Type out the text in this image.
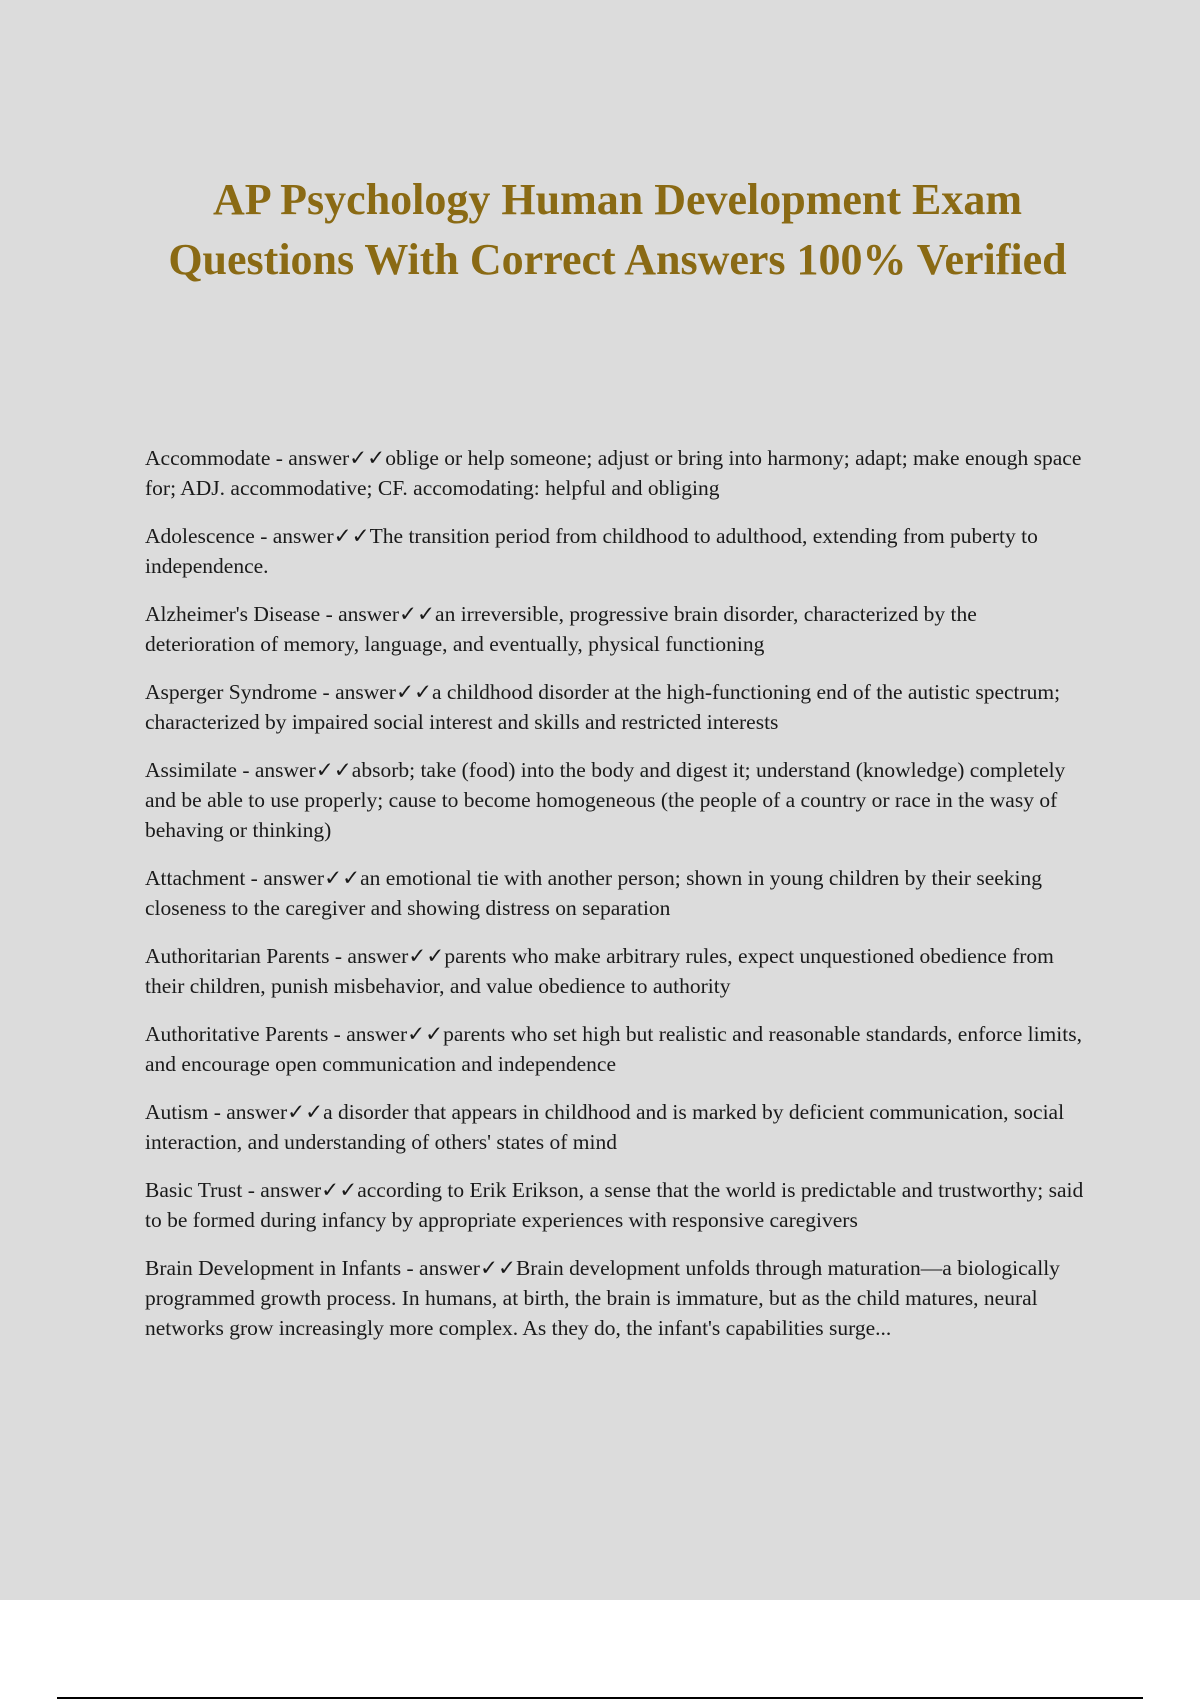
AP Psychology Human Development Exam Questions With Correct Answers 100% Verified

Accommodate - answer✓✓oblige or help someone; adjust or bring into harmony; adapt; make enough space for; ADJ. accommodative; CF. accomodating: helpful and obliging

Adolescence - answer✓✓The transition period from childhood to adulthood, extending from puberty to independence.

Alzheimer's Disease - answer✓✓an irreversible, progressive brain disorder, characterized by the deterioration of memory, language, and eventually, physical functioning

Asperger Syndrome - answer✓✓a childhood disorder at the high-functioning end of the autistic spectrum; characterized by impaired social interest and skills and restricted interests

Assimilate - answer✓✓absorb; take (food) into the body and digest it; understand (knowledge) completely and be able to use properly; cause to become homogeneous (the people of a country or race in the wasy of behaving or thinking)

Attachment - answer✓✓an emotional tie with another person; shown in young children by their seeking closeness to the caregiver and showing distress on separation

Authoritarian Parents - answer✓✓parents who make arbitrary rules, expect unquestioned obedience from their children, punish misbehavior, and value obedience to authority

Authoritative Parents - answer✓✓parents who set high but realistic and reasonable standards, enforce limits, and encourage open communication and independence

Autism - answer✓✓a disorder that appears in childhood and is marked by deficient communication, social interaction, and understanding of others' states of mind

Basic Trust - answer✓✓according to Erik Erikson, a sense that the world is predictable and trustworthy; said to be formed during infancy by appropriate experiences with responsive caregivers

Brain Development in Infants - answer✓✓Brain development unfolds through maturation—a biologically programmed growth process. In humans, at birth, the brain is immature, but as the child matures, neural networks grow increasingly more complex. As they do, the infant's capabilities surge...
